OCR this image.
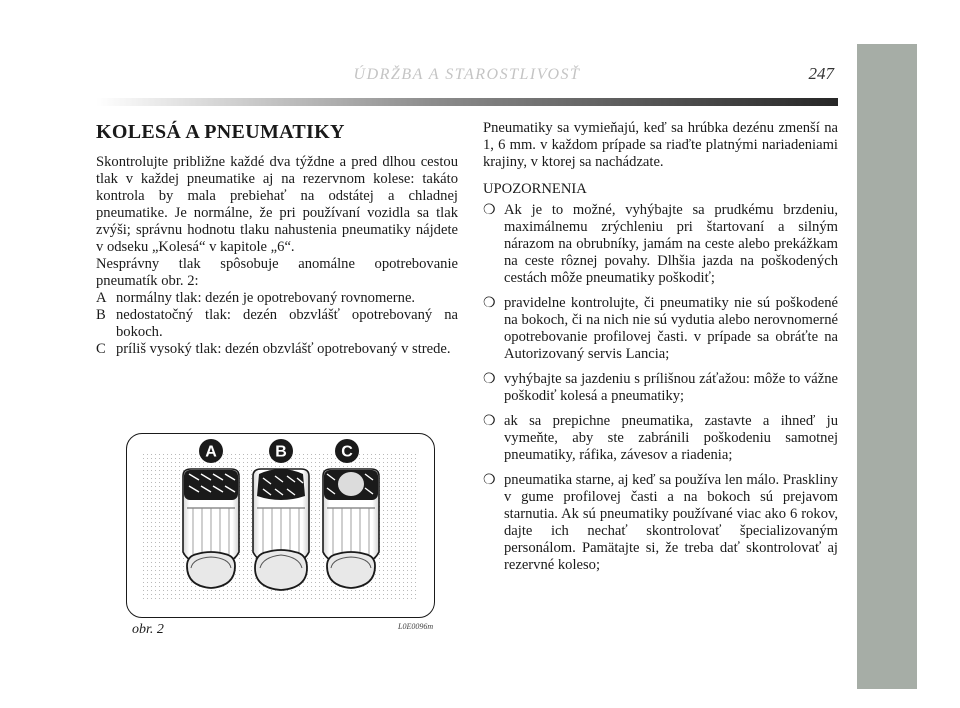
ÚDRŽBA A STAROSTLIVOSŤ	247
KOLESÁ A PNEUMATIKY

Skontrolujte približne každé dva týždne a pred dlhou cestou tlak v každej pneumatike aj na rezervnom kolese: takáto kontrola by mala prebiehať na odstátej a chladnej pneumatike. Je normálne, že pri používaní vozidla sa tlak zvýši; správnu hodnotu tlaku nahustenia pneumatiky nájdete v odseku „Kolesá“ v kapitole „6“.

Nesprávny tlak spôsobuje anomálne opotrebovanie pneumatík obr. 2:

A normálny tlak: dezén je opotrebovaný rovnomerne.
B nedostatočný tlak: dezén obzvlášť opotrebovaný na bokoch.
C príliš vysoký tlak: dezén obzvlášť opotrebovaný v strede.
A	B	C
obr. 2	L0E0096m

Pneumatiky sa vymieňajú, keď sa hrúbka dezénu zmenší na 1, 6 mm. v každom prípade sa riaďte platnými nariadeniami krajiny, v ktorej sa nachádzate.

UPOZORNENIA

❍ Ak je to možné, vyhýbajte sa prudkému brzdeniu, maximálnemu zrýchleniu pri štartovaní a silným nárazom na obrubníky, jamám na ceste alebo prekážkam na ceste rôznej povahy. Dlhšia jazda na poškodených cestách môže pneumatiky poškodiť;
❍ pravidelne kontrolujte, či pneumatiky nie sú poškodené na bokoch, či na nich nie sú vydutia alebo nerovnomerné opotrebovanie profilovej časti. v prípade sa obráťte na Autorizovaný servis Lancia;
❍ vyhýbajte sa jazdeniu s prílišnou záťažou: môže to vážne poškodiť kolesá a pneumatiky;
❍ ak sa prepichne pneumatika, zastavte a ihneď ju vymeňte, aby ste zabránili poškodeniu samotnej pneumatiky, ráfika, závesov a riadenia;
❍ pneumatika starne, aj keď sa používa len málo. Praskliny v gume profilovej časti a na bokoch sú prejavom starnutia. Ak sú pneumatiky používané viac ako 6 rokov, dajte ich nechať skontrolovať špecializovaným personálom. Pamätajte si, že treba dať skontrolovať aj rezervné koleso;
